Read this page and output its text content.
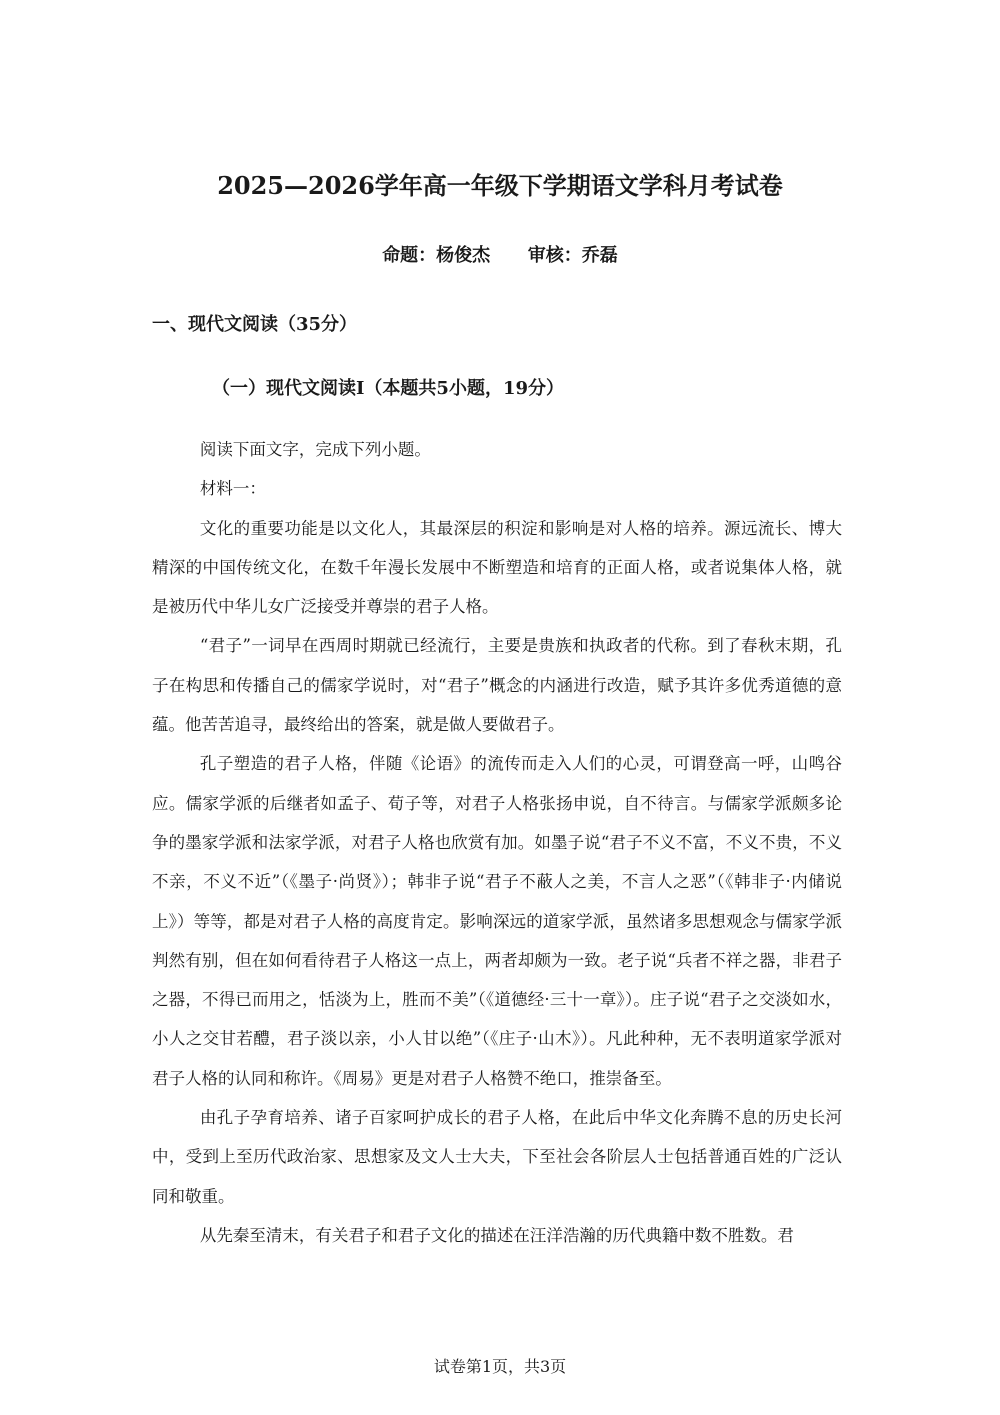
2025—2026学年高一年级下学期语文学科月考试卷
命题：杨俊杰      审核：乔磊
一、现代文阅读（35分）
（一）现代文阅读Ⅰ（本题共5小题，19分）

阅读下面文字，完成下列小题。

材料一：

文化的重要功能是以文化人，其最深层的积淀和影响是对人格的培养。源远流长、博大精深的中国传统文化，在数千年漫长发展中不断塑造和培育的正面人格，或者说集体人格，就是被历代中华儿女广泛接受并尊崇的君子人格。

“君子”一词早在西周时期就已经流行，主要是贵族和执政者的代称。到了春秋末期，孔子在构思和传播自己的儒家学说时，对“君子”概念的内涵进行改造，赋予其许多优秀道德的意蕴。他苦苦追寻，最终给出的答案，就是做人要做君子。

孔子塑造的君子人格，伴随《论语》的流传而走入人们的心灵，可谓登高一呼，山鸣谷应。儒家学派的后继者如孟子、荀子等，对君子人格张扬申说，自不待言。与儒家学派颇多论争的墨家学派和法家学派，对君子人格也欣赏有加。如墨子说“君子不义不富，不义不贵，不义不亲，不义不近”（《墨子·尚贤》）；韩非子说“君子不蔽人之美，不言人之恶”（《韩非子·内储说上》）等等，都是对君子人格的高度肯定。影响深远的道家学派，虽然诸多思想观念与儒家学派判然有别，但在如何看待君子人格这一点上，两者却颇为一致。老子说“兵者不祥之器，非君子之器，不得已而用之，恬淡为上，胜而不美”（《道德经·三十一章》）。庄子说“君子之交淡如水，小人之交甘若醴，君子淡以亲，小人甘以绝”（《庄子·山木》）。凡此种种，无不表明道家学派对君子人格的认同和称许。《周易》更是对君子人格赞不绝口，推崇备至。

由孔子孕育培养、诸子百家呵护成长的君子人格，在此后中华文化奔腾不息的历史长河中，受到上至历代政治家、思想家及文人士大夫，下至社会各阶层人士包括普通百姓的广泛认同和敬重。

从先秦至清末，有关君子和君子文化的描述在汪洋浩瀚的历代典籍中数不胜数。君

试卷第1页，共3页
